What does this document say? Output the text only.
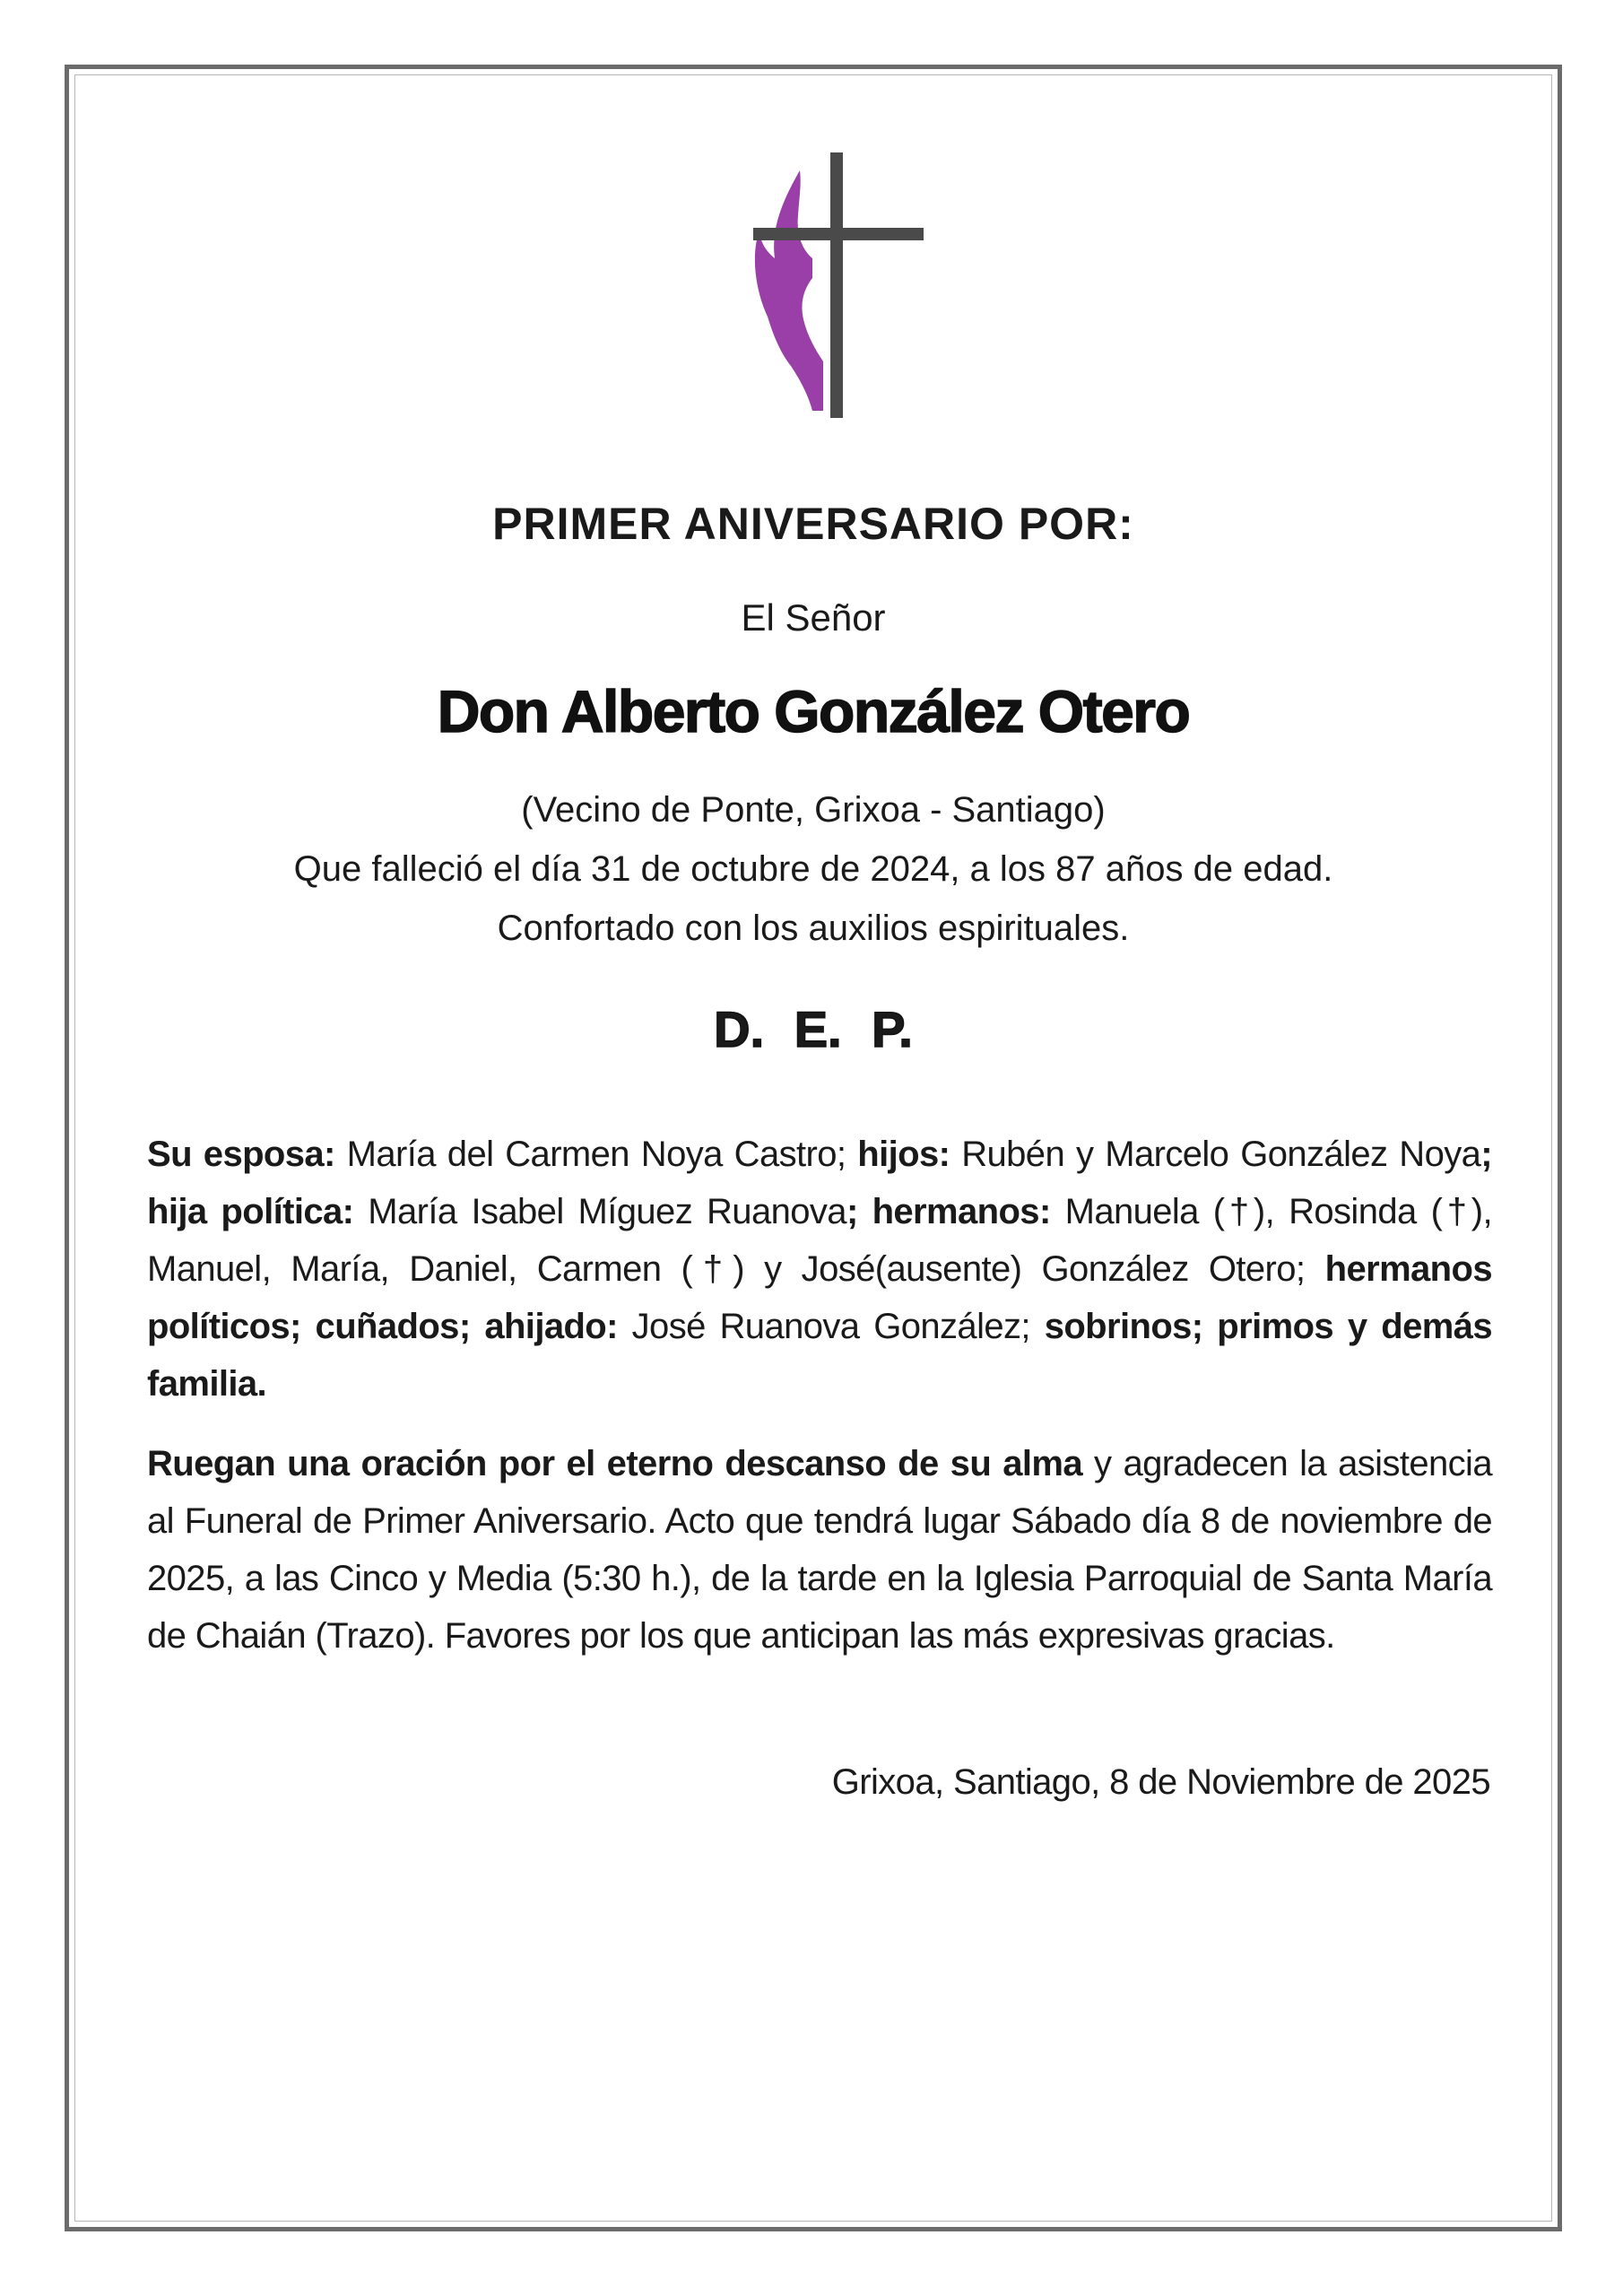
PRIMER ANIVERSARIO POR:
El Señor
Don Alberto González Otero
(Vecino de Ponte, Grixoa - Santiago)
Que falleció el día 31 de octubre de 2024, a los 87 años de edad.
Confortado con los auxilios espirituales.
D. E. P.
Su esposa: María del Carmen Noya Castro; hijos: Rubén y Marcelo González Noya; hija política: María Isabel Míguez Ruanova; hermanos: Manuela (†), Rosinda (†), Manuel, María, Daniel, Carmen (†) y José(ausente) González Otero; hermanos políticos; cuñados; ahijado: José Ruanova González; sobrinos; primos y demás familia.
Ruegan una oración por el eterno descanso de su alma y agradecen la asistencia al Funeral de Primer Aniversario. Acto que tendrá lugar Sábado día 8 de noviembre de 2025, a las Cinco y Media (5:30 h.), de la tarde en la Iglesia Parroquial de Santa María de Chaián (Trazo). Favores por los que anticipan las más expresivas gracias.
Grixoa, Santiago, 8 de Noviembre de 2025
